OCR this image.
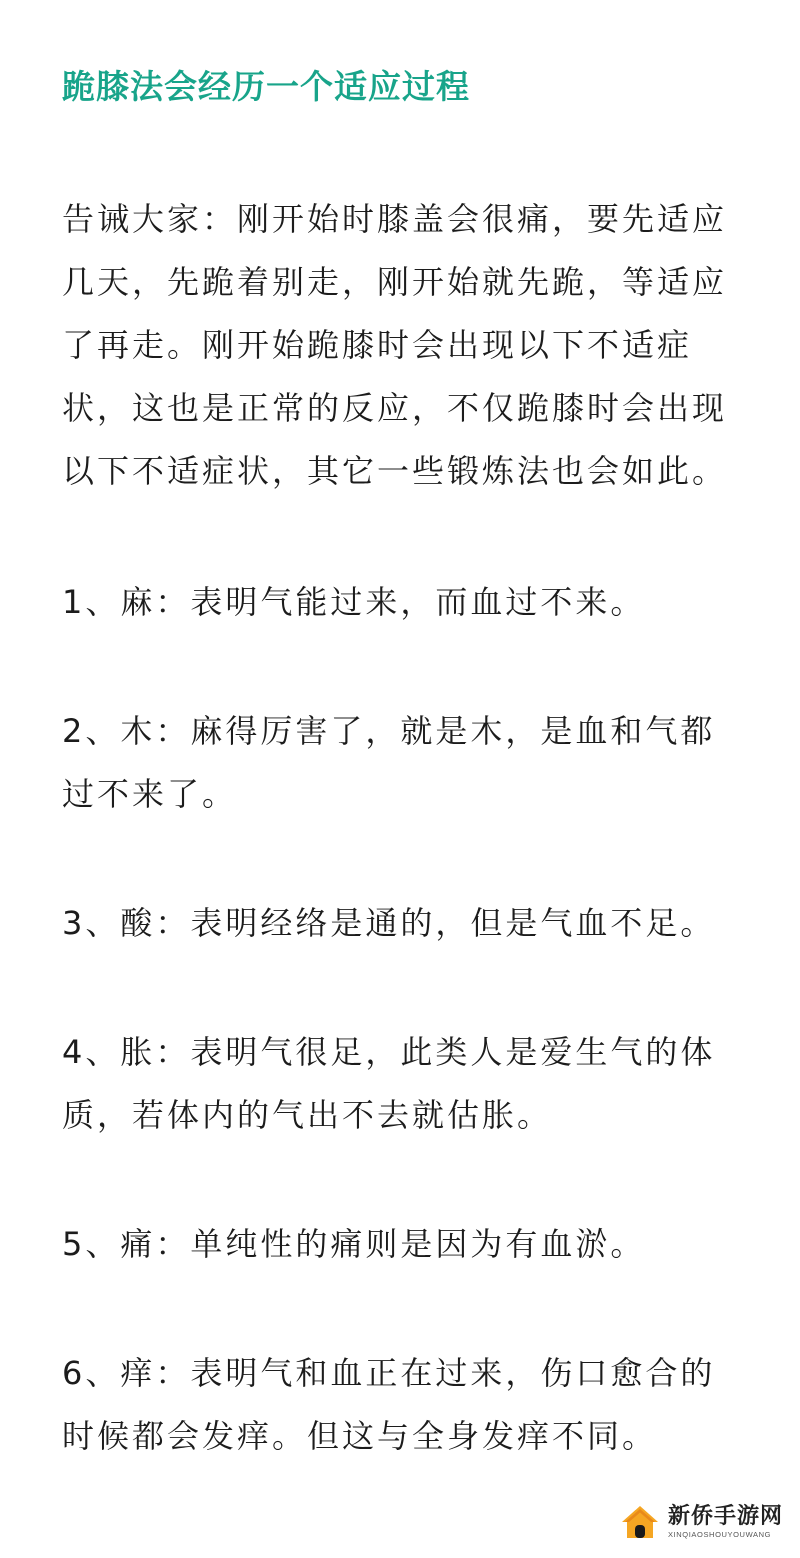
跪膝法会经历一个适应过程

告诫大家：刚开始时膝盖会很痛，要先适应几天，先跪着别走，刚开始就先跪，等适应了再走。刚开始跪膝时会出现以下不适症状，这也是正常的反应，不仅跪膝时会出现以下不适症状，其它一些锻炼法也会如此。

1、麻：表明气能过来，而血过不来。

2、木：麻得厉害了，就是木，是血和气都过不来了。

3、酸：表明经络是通的，但是气血不足。

4、胀：表明气很足，此类人是爱生气的体质，若体内的气出不去就估胀。

5、痛：单纯性的痛则是因为有血淤。

6、痒：表明气和血正在过来，伤口愈合的时候都会发痒。但这与全身发痒不同。

新侨手游网
XINQIAOSHOUYOUWANG
